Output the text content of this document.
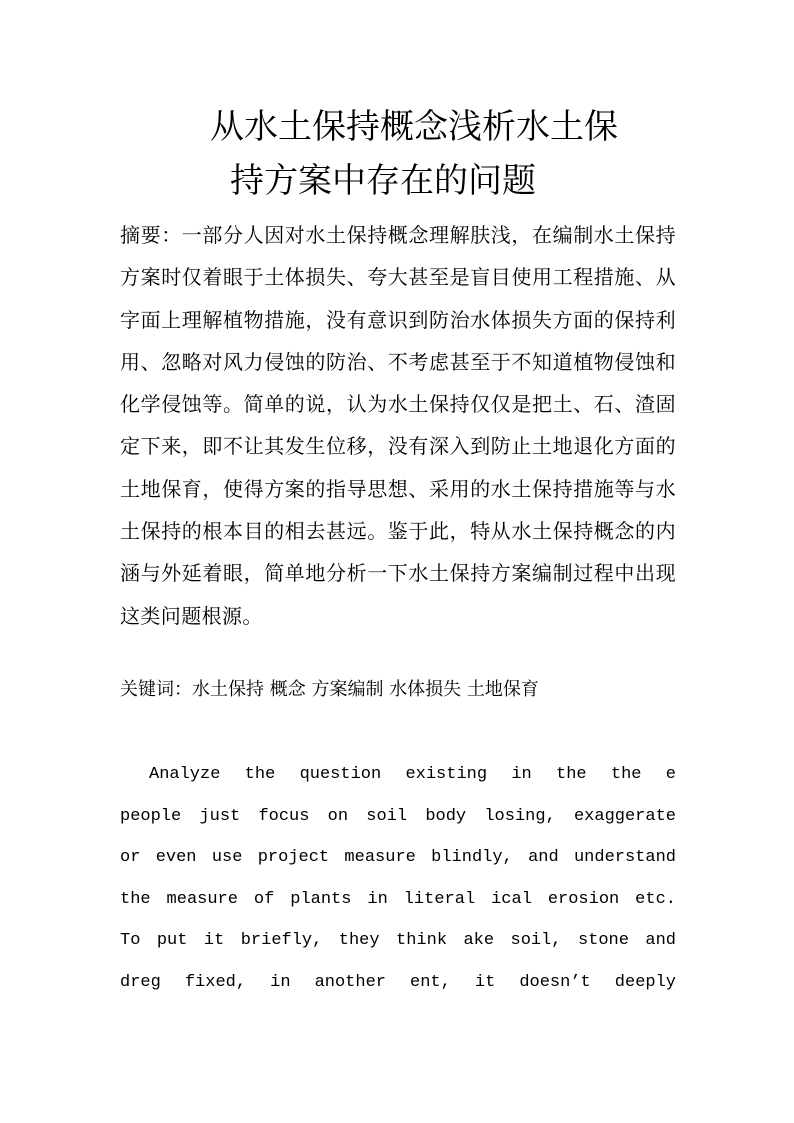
从水土保持概念浅析水土保
持方案中存在的问题

摘要：一部分人因对水土保持概念理解肤浅，在编制水土保持方案时仅着眼于土体损失、夸大甚至是盲目使用工程措施、从字面上理解植物措施，没有意识到防治水体损失方面的保持利用、忽略对风力侵蚀的防治、不考虑甚至于不知道植物侵蚀和化学侵蚀等。简单的说，认为水土保持仅仅是把土、石、渣固定下来，即不让其发生位移，没有深入到防止土地退化方面的土地保育，使得方案的指导思想、采用的水土保持措施等与水土保持的根本目的相去甚远。鉴于此，特从水土保持概念的内涵与外延着眼，简单地分析一下水土保持方案编制过程中出现这类问题根源。

关键词：水土保持 概念 方案编制 水体损失 土地保育

Analyze the question existing in the the e
people just focus on soil body losing, exaggerate
or even use project measure blindly, and understand
the measure of plants in literal ical erosion etc.
To put it briefly, they think ake soil, stone and
dreg fixed, in another ent, it doesn’t deeply
